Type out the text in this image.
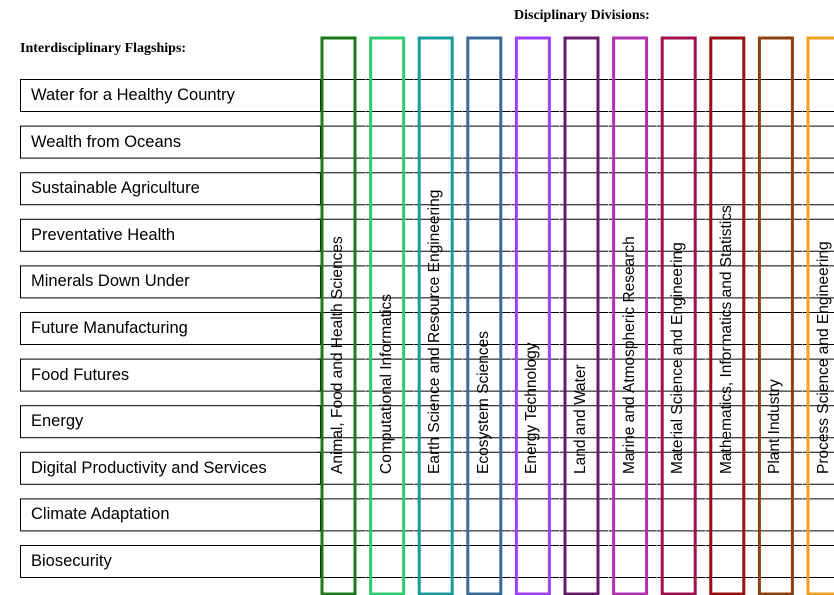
Disciplinary Divisions:
Interdisciplinary Flagships:
Water for a Healthy Country
Wealth from Oceans
Sustainable Agriculture
Preventative Health
Minerals Down Under
Future Manufacturing
Food Futures
Energy
Digital Productivity and Services
Climate Adaptation
Biosecurity
Animal, Food and Health Sciences Computational Informatics Earth Science and Resource Engineering Ecosystem Sciences Energy Technology Land and Water Marine and Atmospheric Research Material Science and Engineering Mathematics, Informatics and Statistics Plant Industry Process Science and Engineering
